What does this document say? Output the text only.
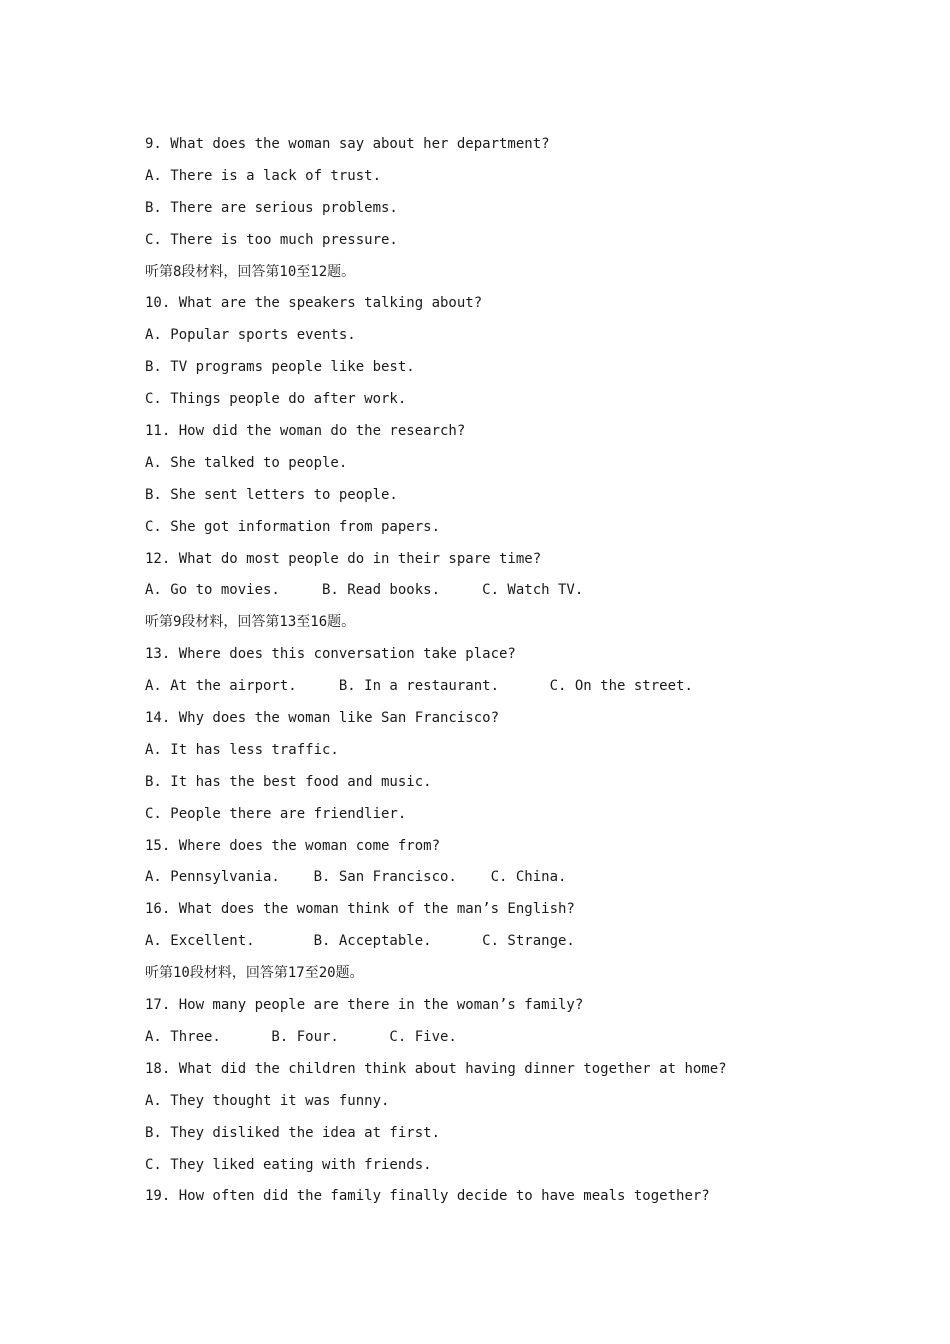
9. What does the woman say about her department?
A. There is a lack of trust.
B. There are serious problems.
C. There is too much pressure.
听第8段材料，回答第10至12题。
10. What are the speakers talking about?
A. Popular sports events.
B. TV programs people like best.
C. Things people do after work.
11. How did the woman do the research?
A. She talked to people.
B. She sent letters to people.
C. She got information from papers.
12. What do most people do in their spare time?
A. Go to movies.     B. Read books.     C. Watch TV.
听第9段材料，回答第13至16题。
13. Where does this conversation take place?
A. At the airport.     B. In a restaurant.      C. On the street.
14. Why does the woman like San Francisco?
A. It has less traffic.
B. It has the best food and music.
C. People there are friendlier.
15. Where does the woman come from?
A. Pennsylvania.    B. San Francisco.    C. China.
16. What does the woman think of the man’s English?
A. Excellent.       B. Acceptable.      C. Strange.
听第10段材料，回答第17至20题。
17. How many people are there in the woman’s family?
A. Three.      B. Four.      C. Five.
18. What did the children think about having dinner together at home?
A. They thought it was funny.
B. They disliked the idea at first.
C. They liked eating with friends.
19. How often did the family finally decide to have meals together?
